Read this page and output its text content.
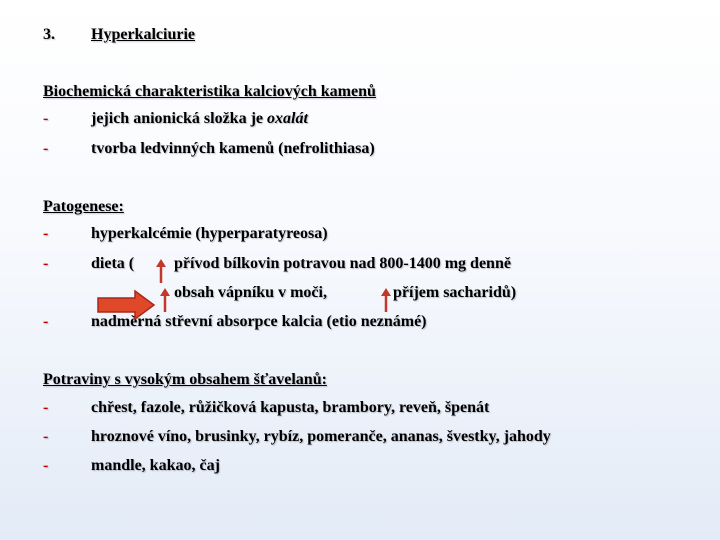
3. Hyperkalciurie
Biochemická charakteristika kalciových kamenů
-	jejich anionická složka je oxalát
-	tvorba ledvinných kamenů (nefrolithiasa)
Patogenese:
-	hyperkalcémie (hyperparatyreosa)
-	dieta ( přívod bílkovin potravou nad 800-1400 mg denně
obsah vápníku v moči,	příjem sacharidů)
-	nadměrná střevní absorpce kalcia (etio neznámé)
Potraviny s vysokým obsahem šťavelanů:
-	chřest, fazole, růžičková kapusta, brambory, reveň, špenát
-	hroznové víno, brusinky, rybíz, pomeranče, ananas, švestky, jahody
-	mandle, kakao, čaj
